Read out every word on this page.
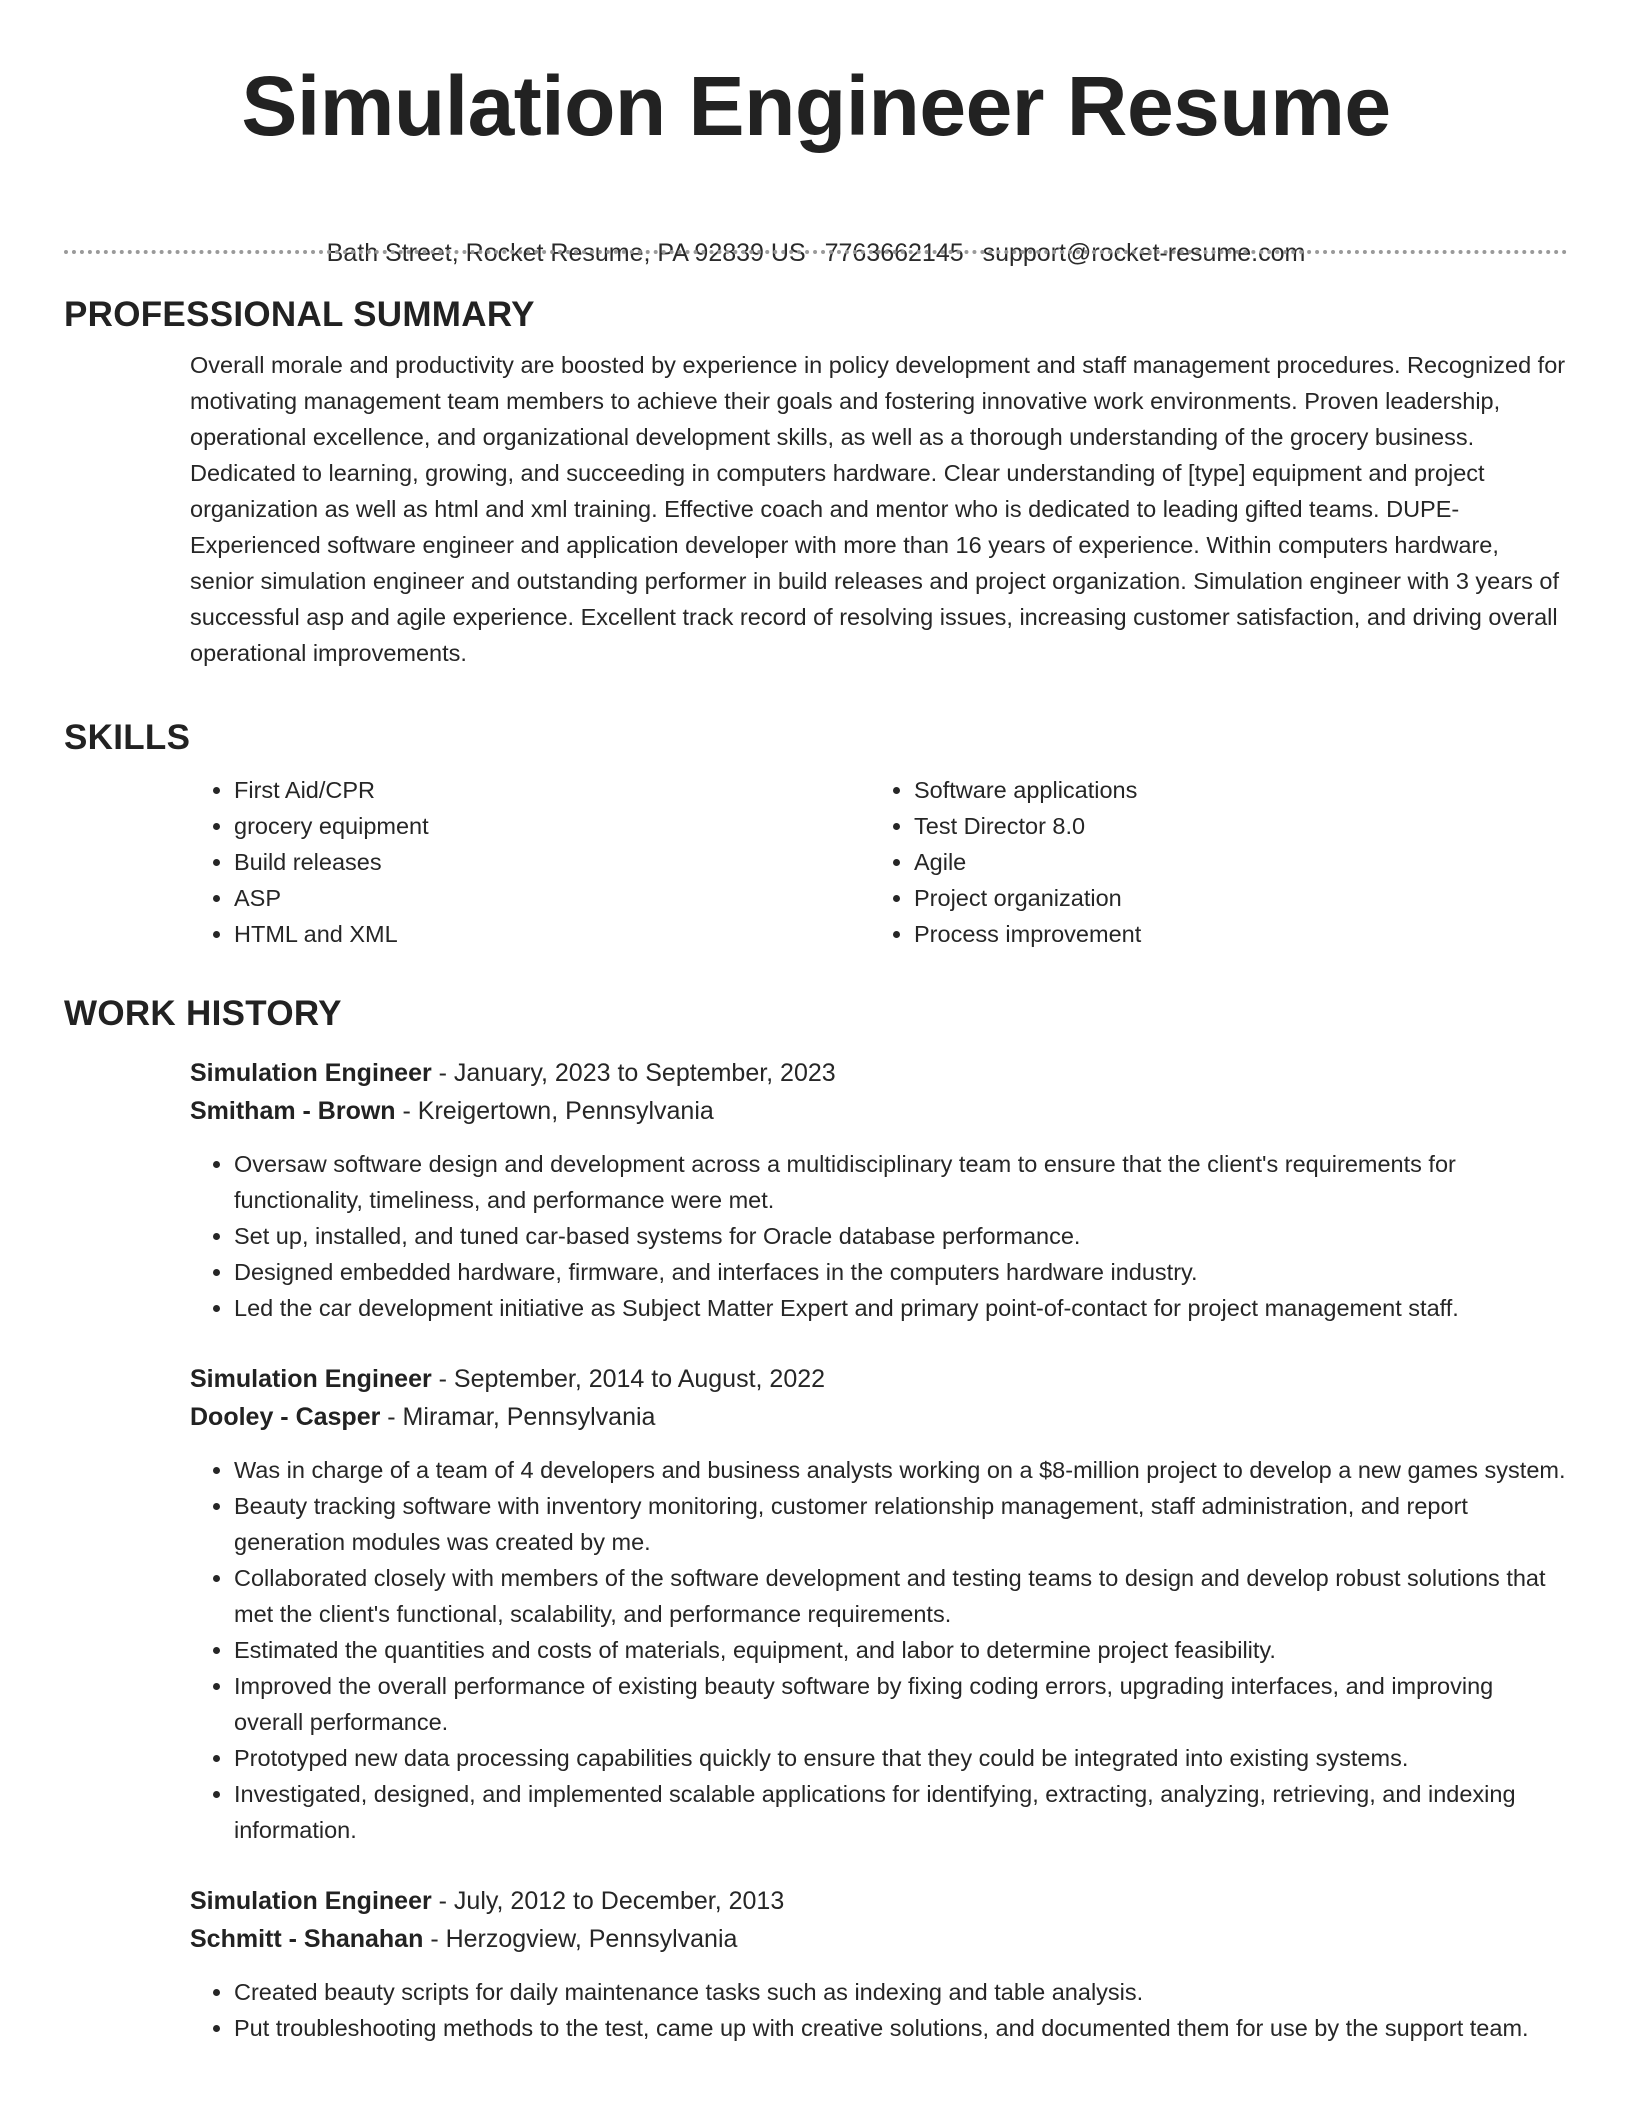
Simulation Engineer Resume
Bath Street, Rocket Resume, PA 92839 US 7763662145 support@rocket-resume.com
PROFESSIONAL SUMMARY
Overall morale and productivity are boosted by experience in policy development and staff management procedures. Recognized for motivating management team members to achieve their goals and fostering innovative work environments. Proven leadership, operational excellence, and organizational development skills, as well as a thorough understanding of the grocery business. Dedicated to learning, growing, and succeeding in computers hardware. Clear understanding of [type] equipment and project organization as well as html and xml training. Effective coach and mentor who is dedicated to leading gifted teams. DUPE- Experienced software engineer and application developer with more than 16 years of experience. Within computers hardware, senior simulation engineer and outstanding performer in build releases and project organization. Simulation engineer with 3 years of successful asp and agile experience. Excellent track record of resolving issues, increasing customer satisfaction, and driving overall operational improvements.
SKILLS
• First Aid/CPR
• grocery equipment
• Build releases
• ASP
• HTML and XML
• Software applications
• Test Director 8.0
• Agile
• Project organization
• Process improvement
WORK HISTORY
Simulation Engineer - January, 2023 to September, 2023
Smitham - Brown - Kreigertown, Pennsylvania
• Oversaw software design and development across a multidisciplinary team to ensure that the client's requirements for functionality, timeliness, and performance were met.
• Set up, installed, and tuned car-based systems for Oracle database performance.
• Designed embedded hardware, firmware, and interfaces in the computers hardware industry.
• Led the car development initiative as Subject Matter Expert and primary point-of-contact for project management staff.
Simulation Engineer - September, 2014 to August, 2022
Dooley - Casper - Miramar, Pennsylvania
• Was in charge of a team of 4 developers and business analysts working on a $8-million project to develop a new games system.
• Beauty tracking software with inventory monitoring, customer relationship management, staff administration, and report generation modules was created by me.
• Collaborated closely with members of the software development and testing teams to design and develop robust solutions that met the client's functional, scalability, and performance requirements.
• Estimated the quantities and costs of materials, equipment, and labor to determine project feasibility.
• Improved the overall performance of existing beauty software by fixing coding errors, upgrading interfaces, and improving overall performance.
• Prototyped new data processing capabilities quickly to ensure that they could be integrated into existing systems.
• Investigated, designed, and implemented scalable applications for identifying, extracting, analyzing, retrieving, and indexing information.
Simulation Engineer - July, 2012 to December, 2013
Schmitt - Shanahan - Herzogview, Pennsylvania
• Created beauty scripts for daily maintenance tasks such as indexing and table analysis.
• Put troubleshooting methods to the test, came up with creative solutions, and documented them for use by the support team.
